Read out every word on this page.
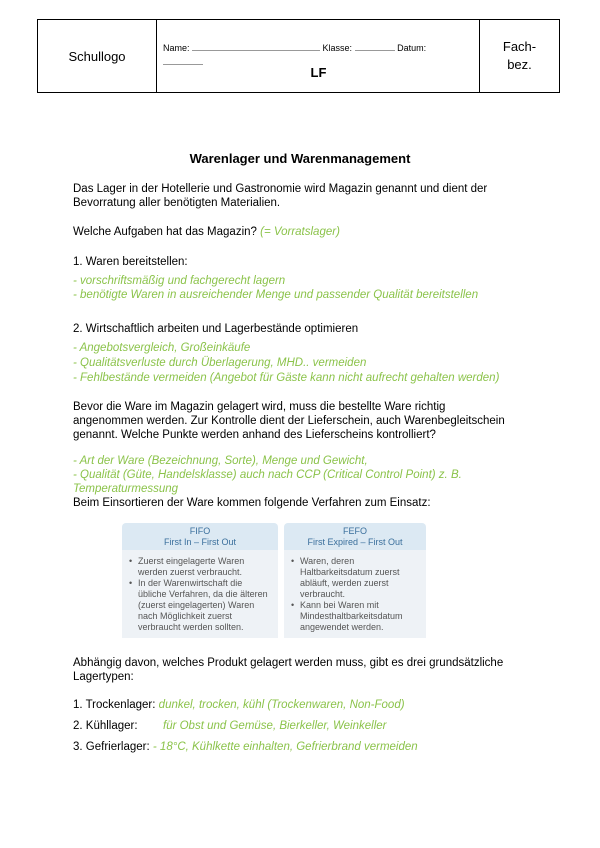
Schullogo
Name:	Klasse:	Datum:
LF
Fach-
bez.
Warenlager und Warenmanagement
Das Lager in der Hotellerie und Gastronomie wird Magazin genannt und dient der
Bevorratung aller benötigten Materialien.
Welche Aufgaben hat das Magazin? (= Vorratslager)
1. Waren bereitstellen:
- vorschriftsmäßig und fachgerecht lagern
- benötigte Waren in ausreichender Menge und passender Qualität bereitstellen
2. Wirtschaftlich arbeiten und Lagerbestände optimieren
- Angebotsvergleich, Großeinkäufe
- Qualitätsverluste durch Überlagerung, MHD.. vermeiden
- Fehlbestände vermeiden (Angebot für Gäste kann nicht aufrecht gehalten werden)
Bevor die Ware im Magazin gelagert wird, muss die bestellte Ware richtig
angenommen werden. Zur Kontrolle dient der Lieferschein, auch Warenbegleitschein
genannt. Welche Punkte werden anhand des Lieferscheins kontrolliert?
- Art der Ware (Bezeichnung, Sorte), Menge und Gewicht,
- Qualität (Güte, Handelsklasse) auch nach CCP (Critical Control Point) z. B.
Temperaturmessung
Beim Einsortieren der Ware kommen folgende Verfahren zum Einsatz:
FIFO
First In – First Out
• Zuerst eingelagerte Waren werden zuerst verbraucht.
• In der Warenwirtschaft die übliche Verfahren, da die älteren (zuerst eingelagerten) Waren nach Möglichkeit zuerst verbraucht werden sollten.
FEFO
First Expired – First Out
• Waren, deren Haltbarkeitsdatum zuerst abläuft, werden zuerst verbraucht.
• Kann bei Waren mit Mindesthaltbarkeitsdatum angewendet werden.
Abhängig davon, welches Produkt gelagert werden muss, gibt es drei grundsätzliche
Lagertypen:
1. Trockenlager: dunkel, trocken, kühl (Trockenwaren, Non-Food)
2. Kühllager: für Obst und Gemüse, Bierkeller, Weinkeller
3. Gefrierlager: - 18°C, Kühlkette einhalten, Gefrierbrand vermeiden
